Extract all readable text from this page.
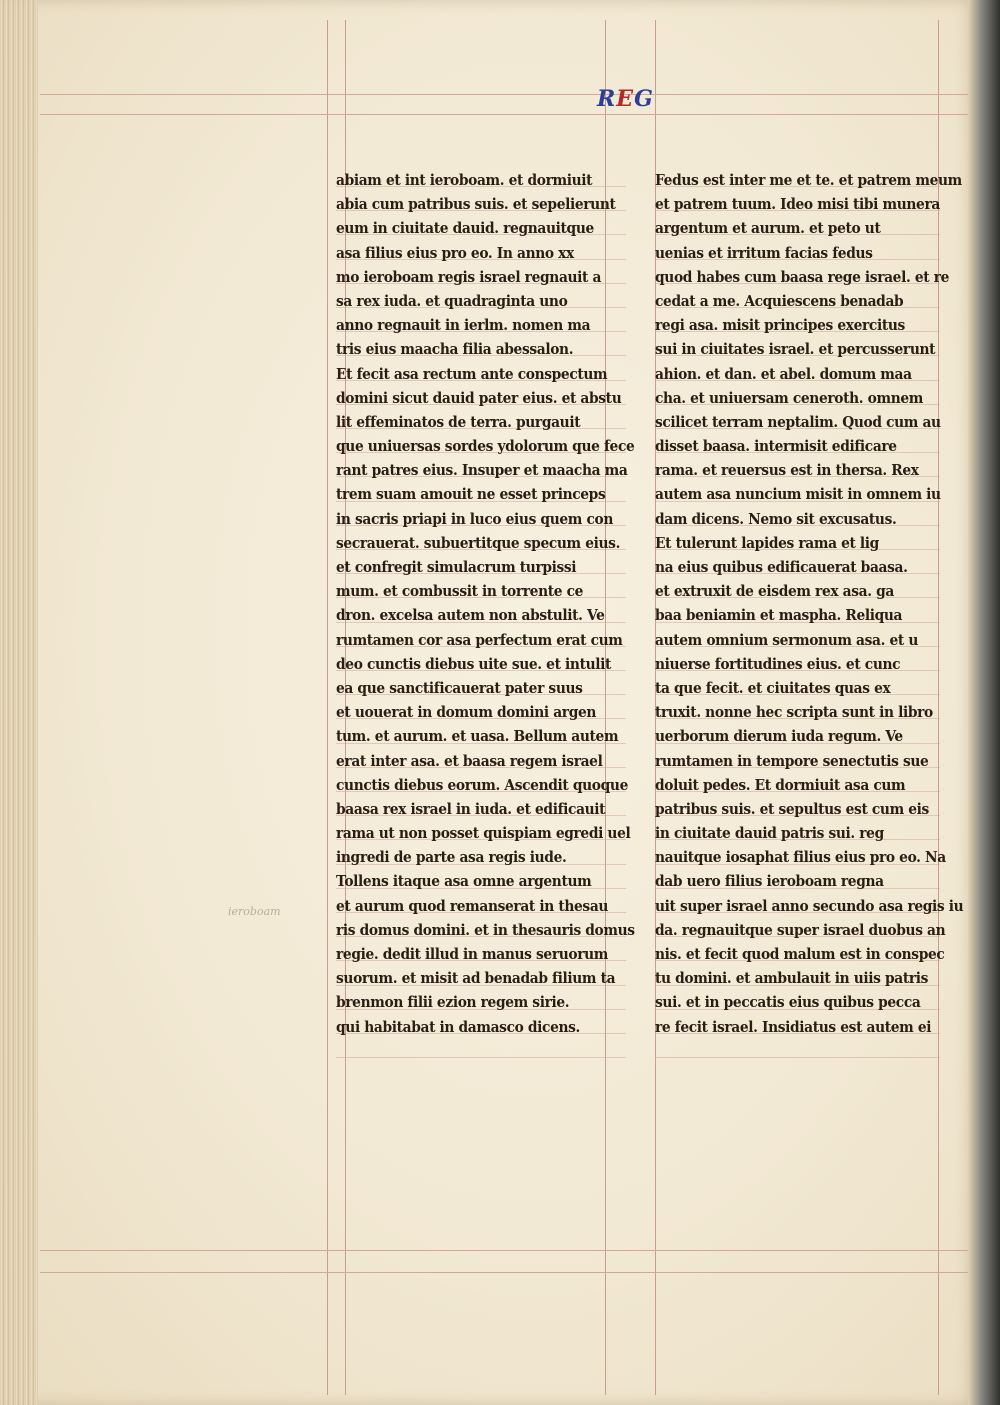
REG
abiam et int ieroboam. et dormiuit
abia cum patribus suis. et sepelierunt
eum in ciuitate dauid. regnauitque
asa filius eius pro eo. In anno xx
mo ieroboam regis israel regnauit a
sa rex iuda. et quadraginta uno
anno regnauit in ierlm. nomen ma
tris eius maacha filia abessalon.
Et fecit asa rectum ante conspectum
domini sicut dauid pater eius. et abstu
lit effeminatos de terra. purgauit
que uniuersas sordes ydolorum que fece
rant patres eius. Insuper et maacha ma
trem suam amouit ne esset princeps
in sacris priapi in luco eius quem con
secrauerat. subuertitque specum eius.
et confregit simulacrum turpissi
mum. et combussit in torrente ce
dron. excelsa autem non abstulit. Ve
rumtamen cor asa perfectum erat cum
deo cunctis diebus uite sue. et intulit
ea que sanctificauerat pater suus
et uouerat in domum domini argen
tum. et aurum. et uasa. Bellum autem
erat inter asa. et baasa regem israel
cunctis diebus eorum. Ascendit quoque
baasa rex israel in iuda. et edificauit
rama ut non posset quispiam egredi uel
ingredi de parte asa regis iude.
Tollens itaque asa omne argentum
et aurum quod remanserat in thesau
ris domus domini. et in thesauris domus
regie. dedit illud in manus seruorum
suorum. et misit ad benadab filium ta
brenmon filii ezion regem sirie.
qui habitabat in damasco dicens.
Fedus est inter me et te. et patrem meum
et patrem tuum. Ideo misi tibi munera
argentum et aurum. et peto ut
uenias et irritum facias fedus
quod habes cum baasa rege israel. et re
cedat a me. Acquiescens benadab
regi asa. misit principes exercitus
sui in ciuitates israel. et percusserunt
ahion. et dan. et abel. domum maa
cha. et uniuersam ceneroth. omnem
scilicet terram neptalim. Quod cum au
disset baasa. intermisit edificare
rama. et reuersus est in thersa. Rex
autem asa nuncium misit in omnem iu
dam dicens. Nemo sit excusatus.
Et tulerunt lapides rama et lig
na eius quibus edificauerat baasa.
et extruxit de eisdem rex asa. ga
baa beniamin et maspha. Reliqua
autem omnium sermonum asa. et u
niuerse fortitudines eius. et cunc
ta que fecit. et ciuitates quas ex
truxit. nonne hec scripta sunt in libro
uerborum dierum iuda regum. Ve
rumtamen in tempore senectutis sue
doluit pedes. Et dormiuit asa cum
patribus suis. et sepultus est cum eis
in ciuitate dauid patris sui. reg
nauitque iosaphat filius eius pro eo. Na
dab uero filius ieroboam regna
uit super israel anno secundo asa regis iu
da. regnauitque super israel duobus an
nis. et fecit quod malum est in conspec
tu domini. et ambulauit in uiis patris
sui. et in peccatis eius quibus pecca
re fecit israel. Insidiatus est autem ei
ieroboam
